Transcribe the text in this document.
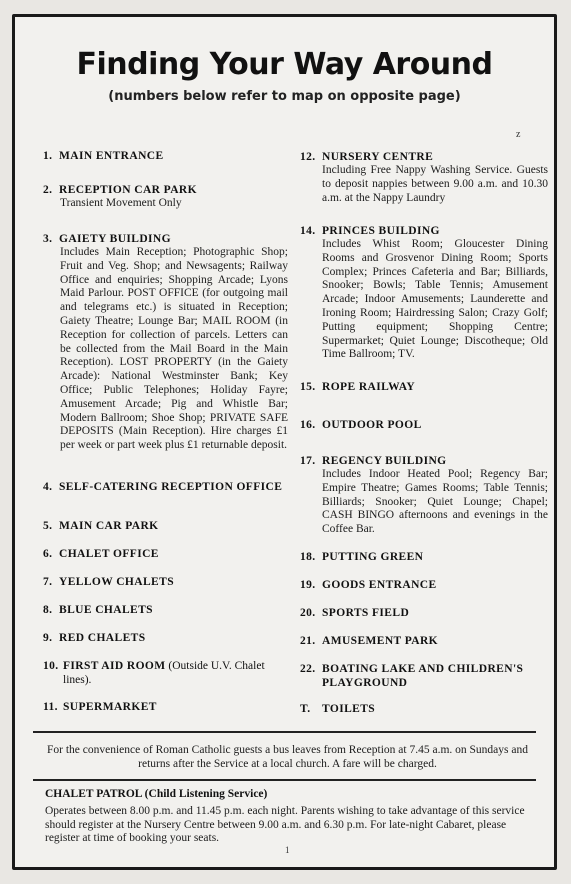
Finding Your Way Around
(numbers below refer to map on opposite page)
z
1. MAIN ENTRANCE
2. RECEPTION CAR PARK
Transient Movement Only
3. GAIETY BUILDING
Includes Main Reception; Photographic Shop; Fruit and Veg. Shop; and Newsagents; Railway Office and enquiries; Shopping Arcade; Lyons Maid Parlour. POST OFFICE (for outgoing mail and telegrams etc.) is situated in Reception; Gaiety Theatre; Lounge Bar; MAIL ROOM (in Reception for collection of parcels. Letters can be collected from the Mail Board in the Main Reception). LOST PROPERTY (in the Gaiety Arcade): National Westminster Bank; Key Office; Public Telephones; Holiday Fayre; Amusement Arcade; Pig and Whistle Bar; Modern Ballroom; Shoe Shop; PRIVATE SAFE DEPOSITS (Main Reception). Hire charges £1 per week or part week plus £1 returnable deposit.
4. SELF-CATERING RECEPTION OFFICE
5. MAIN CAR PARK
6. CHALET OFFICE
7. YELLOW CHALETS
8. BLUE CHALETS
9. RED CHALETS
10. FIRST AID ROOM (Outside U.V. Chalet lines).
11. SUPERMARKET
12. NURSERY CENTRE
Including Free Nappy Washing Service. Guests to deposit nappies between 9.00 a.m. and 10.30 a.m. at the Nappy Laundry
14. PRINCES BUILDING
Includes Whist Room; Gloucester Dining Rooms and Grosvenor Dining Room; Sports Complex; Princes Cafeteria and Bar; Billiards, Snooker; Bowls; Table Tennis; Amusement Arcade; Indoor Amusements; Launderette and Ironing Room; Hairdressing Salon; Crazy Golf; Putting equipment; Shopping Centre; Supermarket; Quiet Lounge; Discotheque; Old Time Ballroom; TV.
15. ROPE RAILWAY
16. OUTDOOR POOL
17. REGENCY BUILDING
Includes Indoor Heated Pool; Regency Bar; Empire Theatre; Games Rooms; Table Tennis; Billiards; Snooker; Quiet Lounge; Chapel; CASH BINGO afternoons and evenings in the Coffee Bar.
18. PUTTING GREEN
19. GOODS ENTRANCE
20. SPORTS FIELD
21. AMUSEMENT PARK
22. BOATING LAKE AND CHILDREN'S PLAYGROUND
T.	TOILETS
For the convenience of Roman Catholic guests a bus leaves from Reception at 7.45 a.m. on Sundays and returns after the Service at a local church. A fare will be charged.
CHALET PATROL (Child Listening Service)
Operates between 8.00 p.m. and 11.45 p.m. each night. Parents wishing to take advantage of this service should register at the Nursery Centre between 9.00 a.m. and 6.30 p.m. For late-night Cabaret, please register at time of booking your seats.
1
